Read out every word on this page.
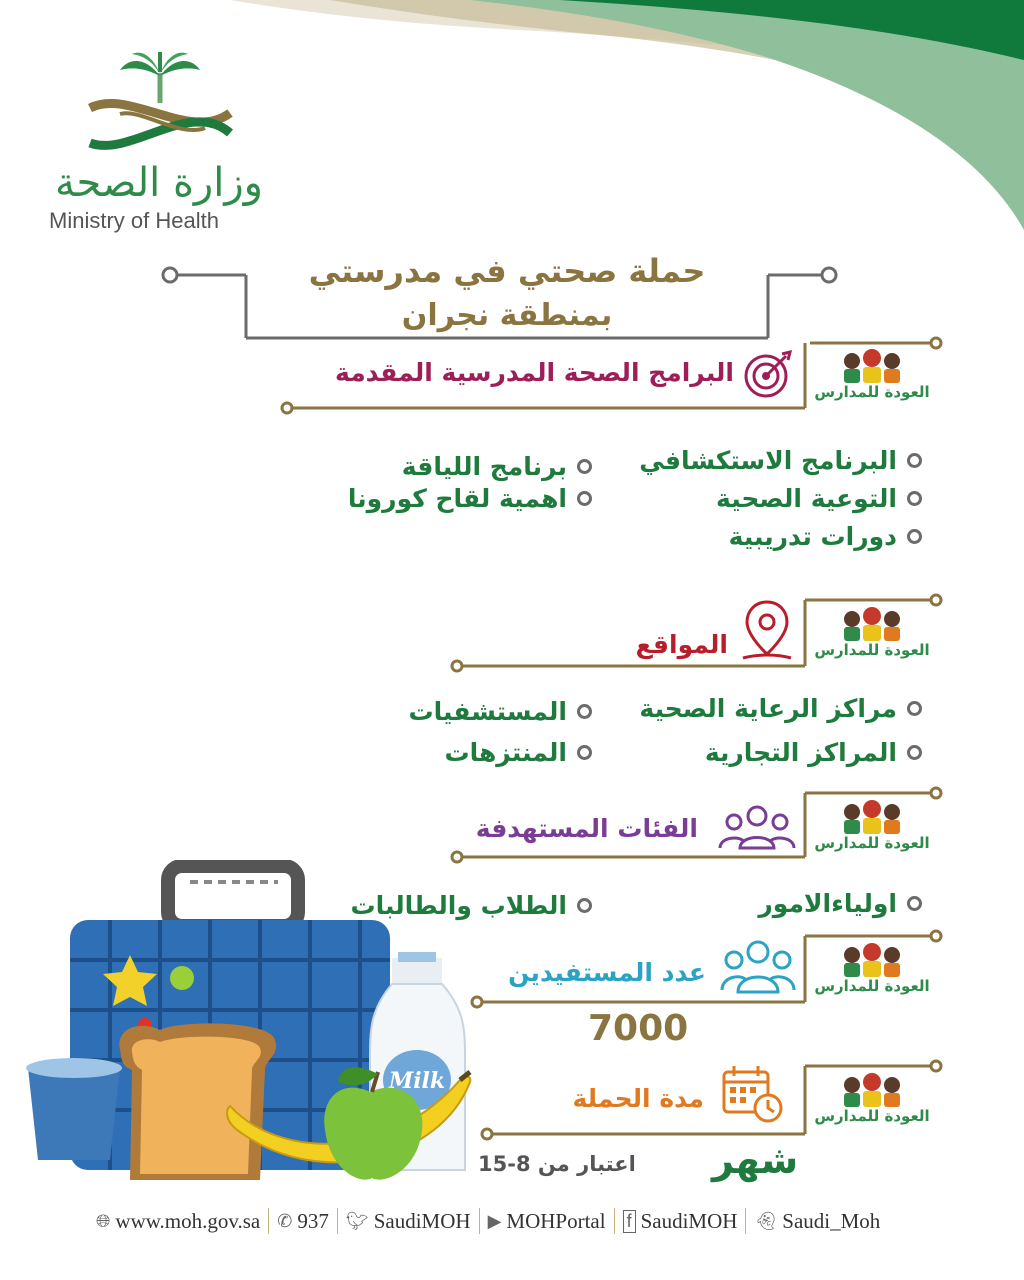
وزارة الصحة
Ministry of Health
حملة صحتي في مدرستي
بمنطقة نجران
العودة للمدارس
العودة للمدارس
العودة للمدارس
العودة للمدارس
العودة للمدارس
البرامج الصحة المدرسية المقدمة
البرنامج الاستكشافي
التوعية الصحية
دورات تدريبية
برنامج اللياقة
اهمية لقاح كورونا
المواقع
مراكز الرعاية الصحية
المراكز التجارية
المستشفيات
المنتزهات
الفئات المستهدفة
اولياءالامور
الطلاب والطالبات
عدد المستفيدين
7000
مدة الحملة
شهر
اعتبار من 8-15
Milk
🌐︎ www.moh.gov.sa ✆ 937 🐦︎ SaudiMOH ▶ MOHPortal f SaudiMOH 👻︎ Saudi_Moh
